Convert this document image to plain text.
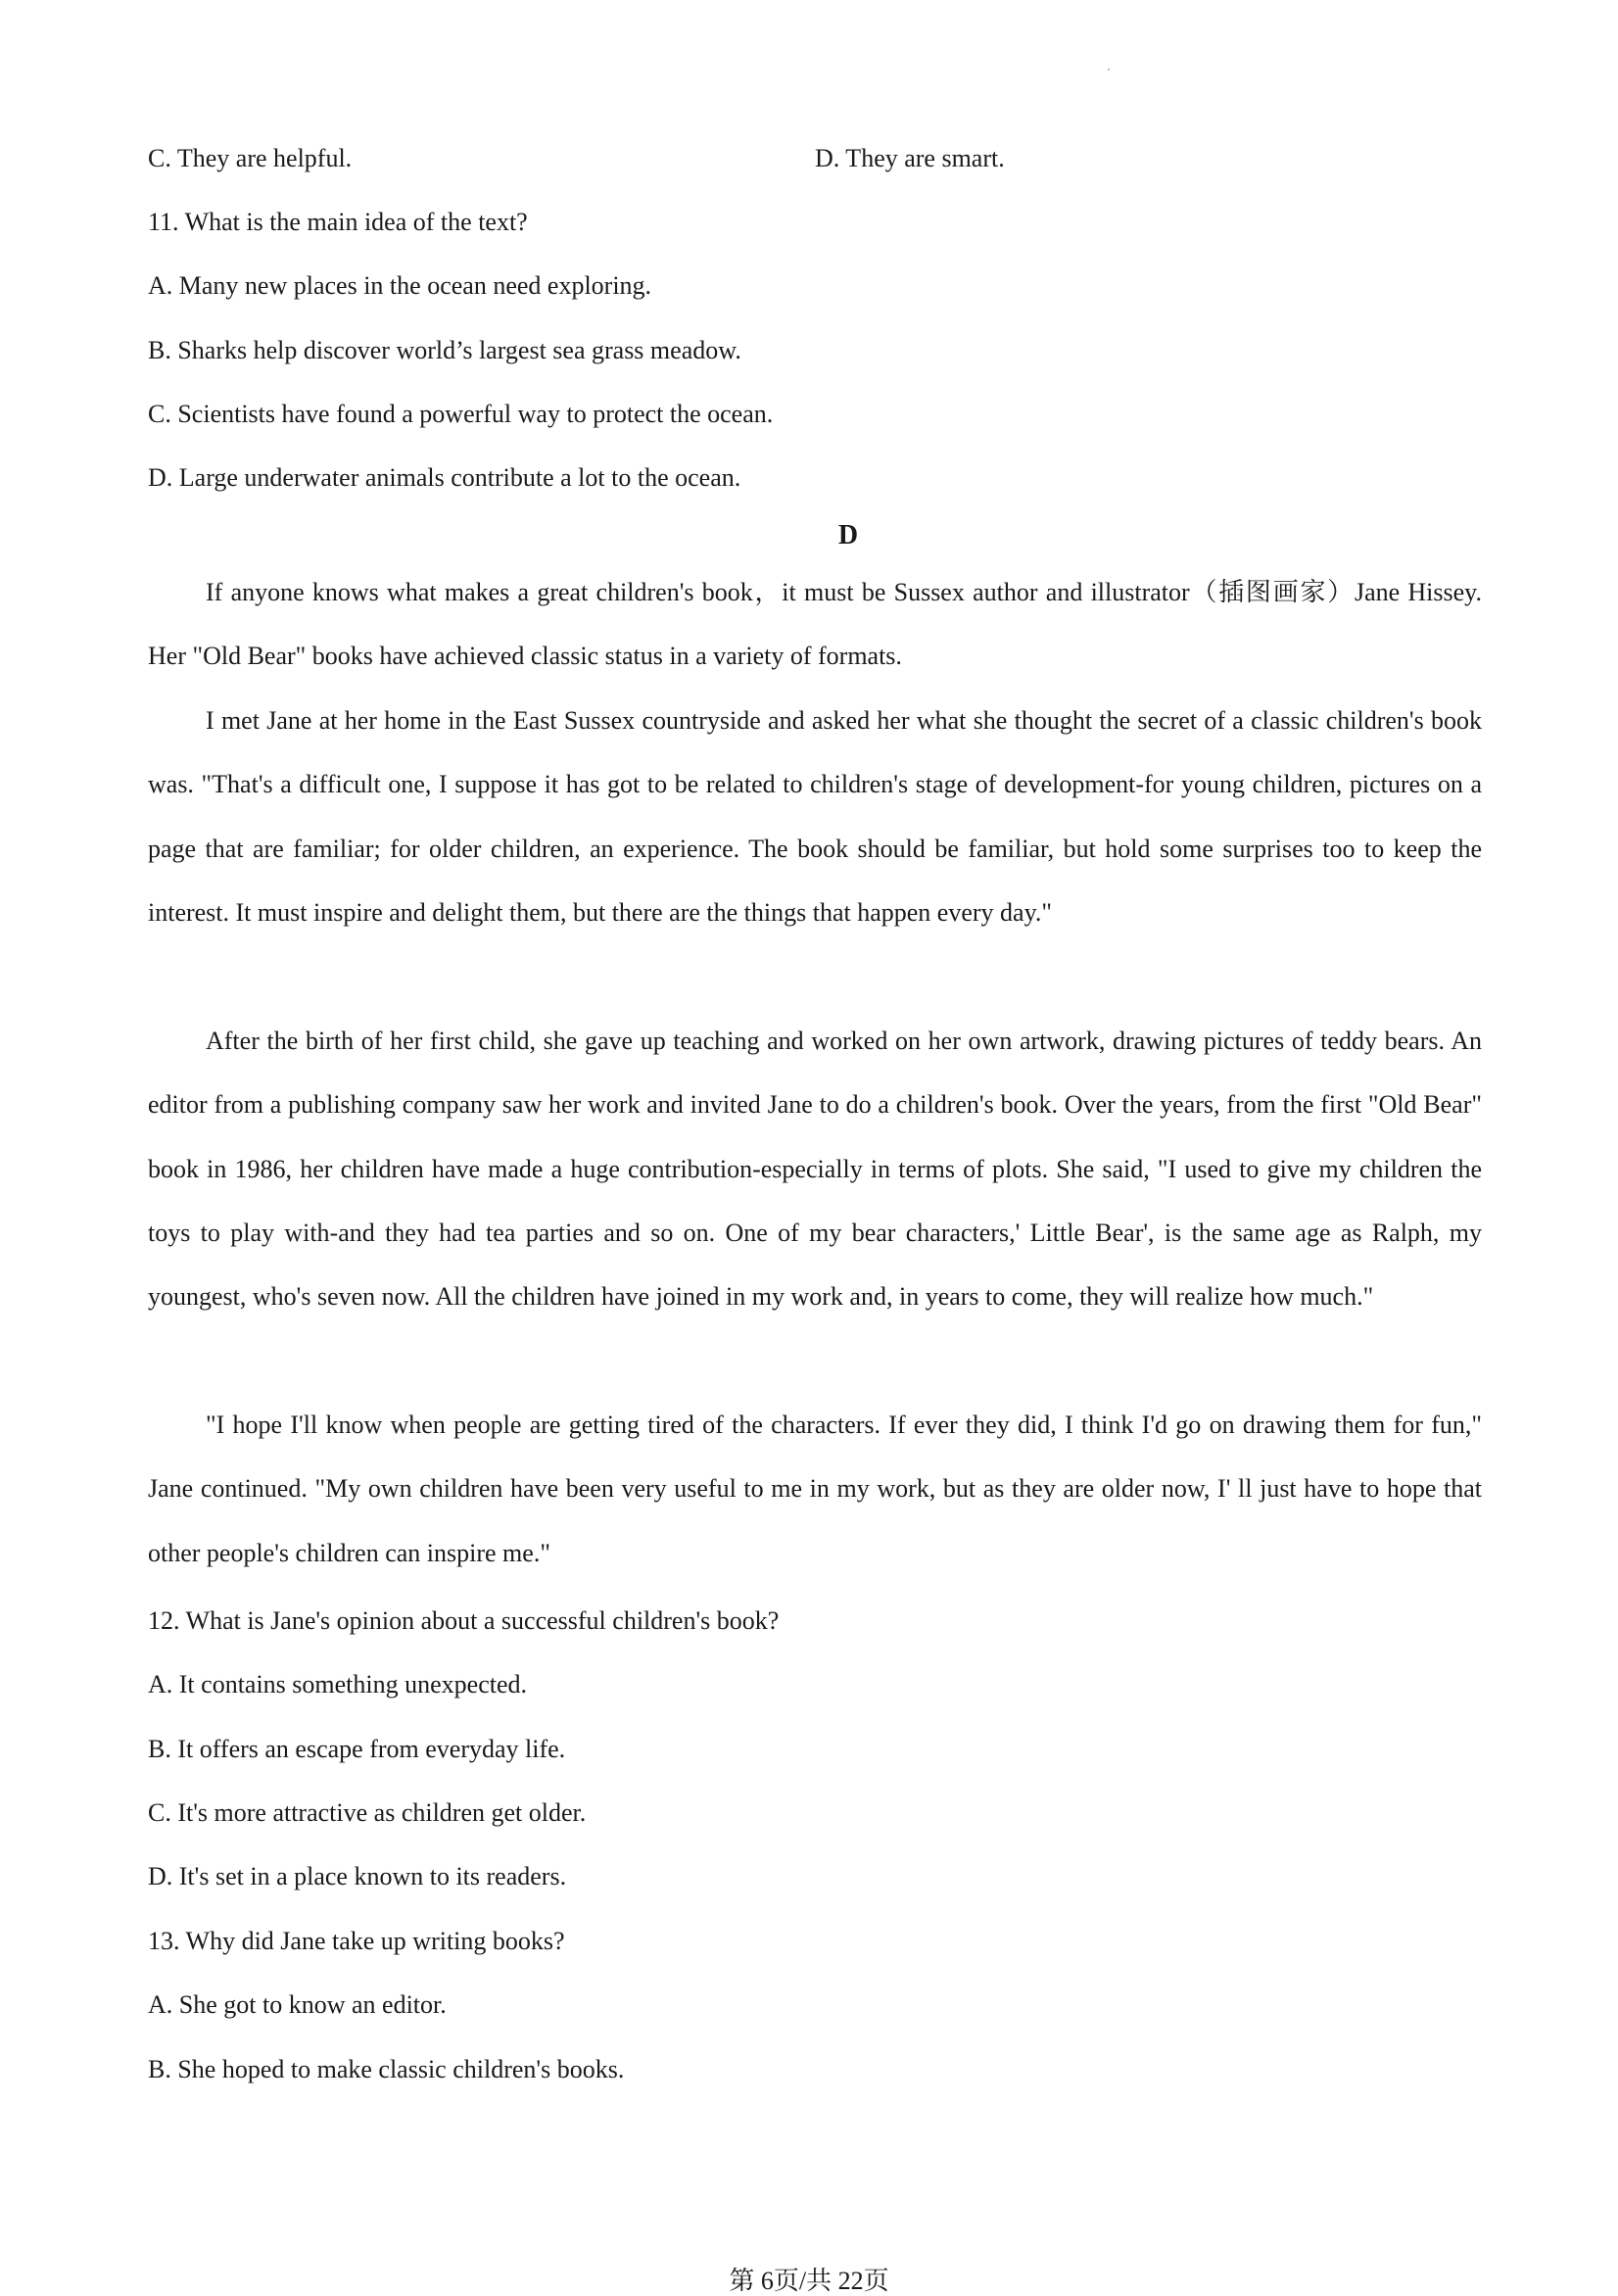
C. They are helpful.	D. They are smart.
11. What is the main idea of the text?
A. Many new places in the ocean need exploring.
B. Sharks help discover world’s largest sea grass meadow.
C. Scientists have found a powerful way to protect the ocean.
D. Large underwater animals contribute a lot to the ocean.
D
If anyone knows what makes a great children's book，it must be Sussex author and illustrator（插图画家）Jane Hissey. Her "Old Bear" books have achieved classic status in a variety of formats.
I met Jane at her home in the East Sussex countryside and asked her what she thought the secret of a classic children's book was. "That's a difficult one, I suppose it has got to be related to children's stage of development-for young children, pictures on a page that are familiar; for older children, an experience. The book should be familiar, but hold some surprises too to keep the interest. It must inspire and delight them, but there are the things that happen every day."
After the birth of her first child, she gave up teaching and worked on her own artwork, drawing pictures of teddy bears. An editor from a publishing company saw her work and invited Jane to do a children's book. Over the years, from the first "Old Bear" book in 1986, her children have made a huge contribution-especially in terms of plots. She said, "I used to give my children the toys to play with-and they had tea parties and so on. One of my bear characters,' Little Bear', is the same age as Ralph, my youngest, who's seven now. All the children have joined in my work and, in years to come, they will realize how much."
"I hope I'll know when people are getting tired of the characters. If ever they did, I think I'd go on drawing them for fun," Jane continued. "My own children have been very useful to me in my work, but as they are older now, I' ll just have to hope that other people's children can inspire me."
12. What is Jane's opinion about a successful children's book?
A. It contains something unexpected.
B. It offers an escape from everyday life.
C. It's more attractive as children get older.
D. It's set in a place known to its readers.
13. Why did Jane take up writing books?
A. She got to know an editor.
B. She hoped to make classic children's books.
第 6页/共 22页
